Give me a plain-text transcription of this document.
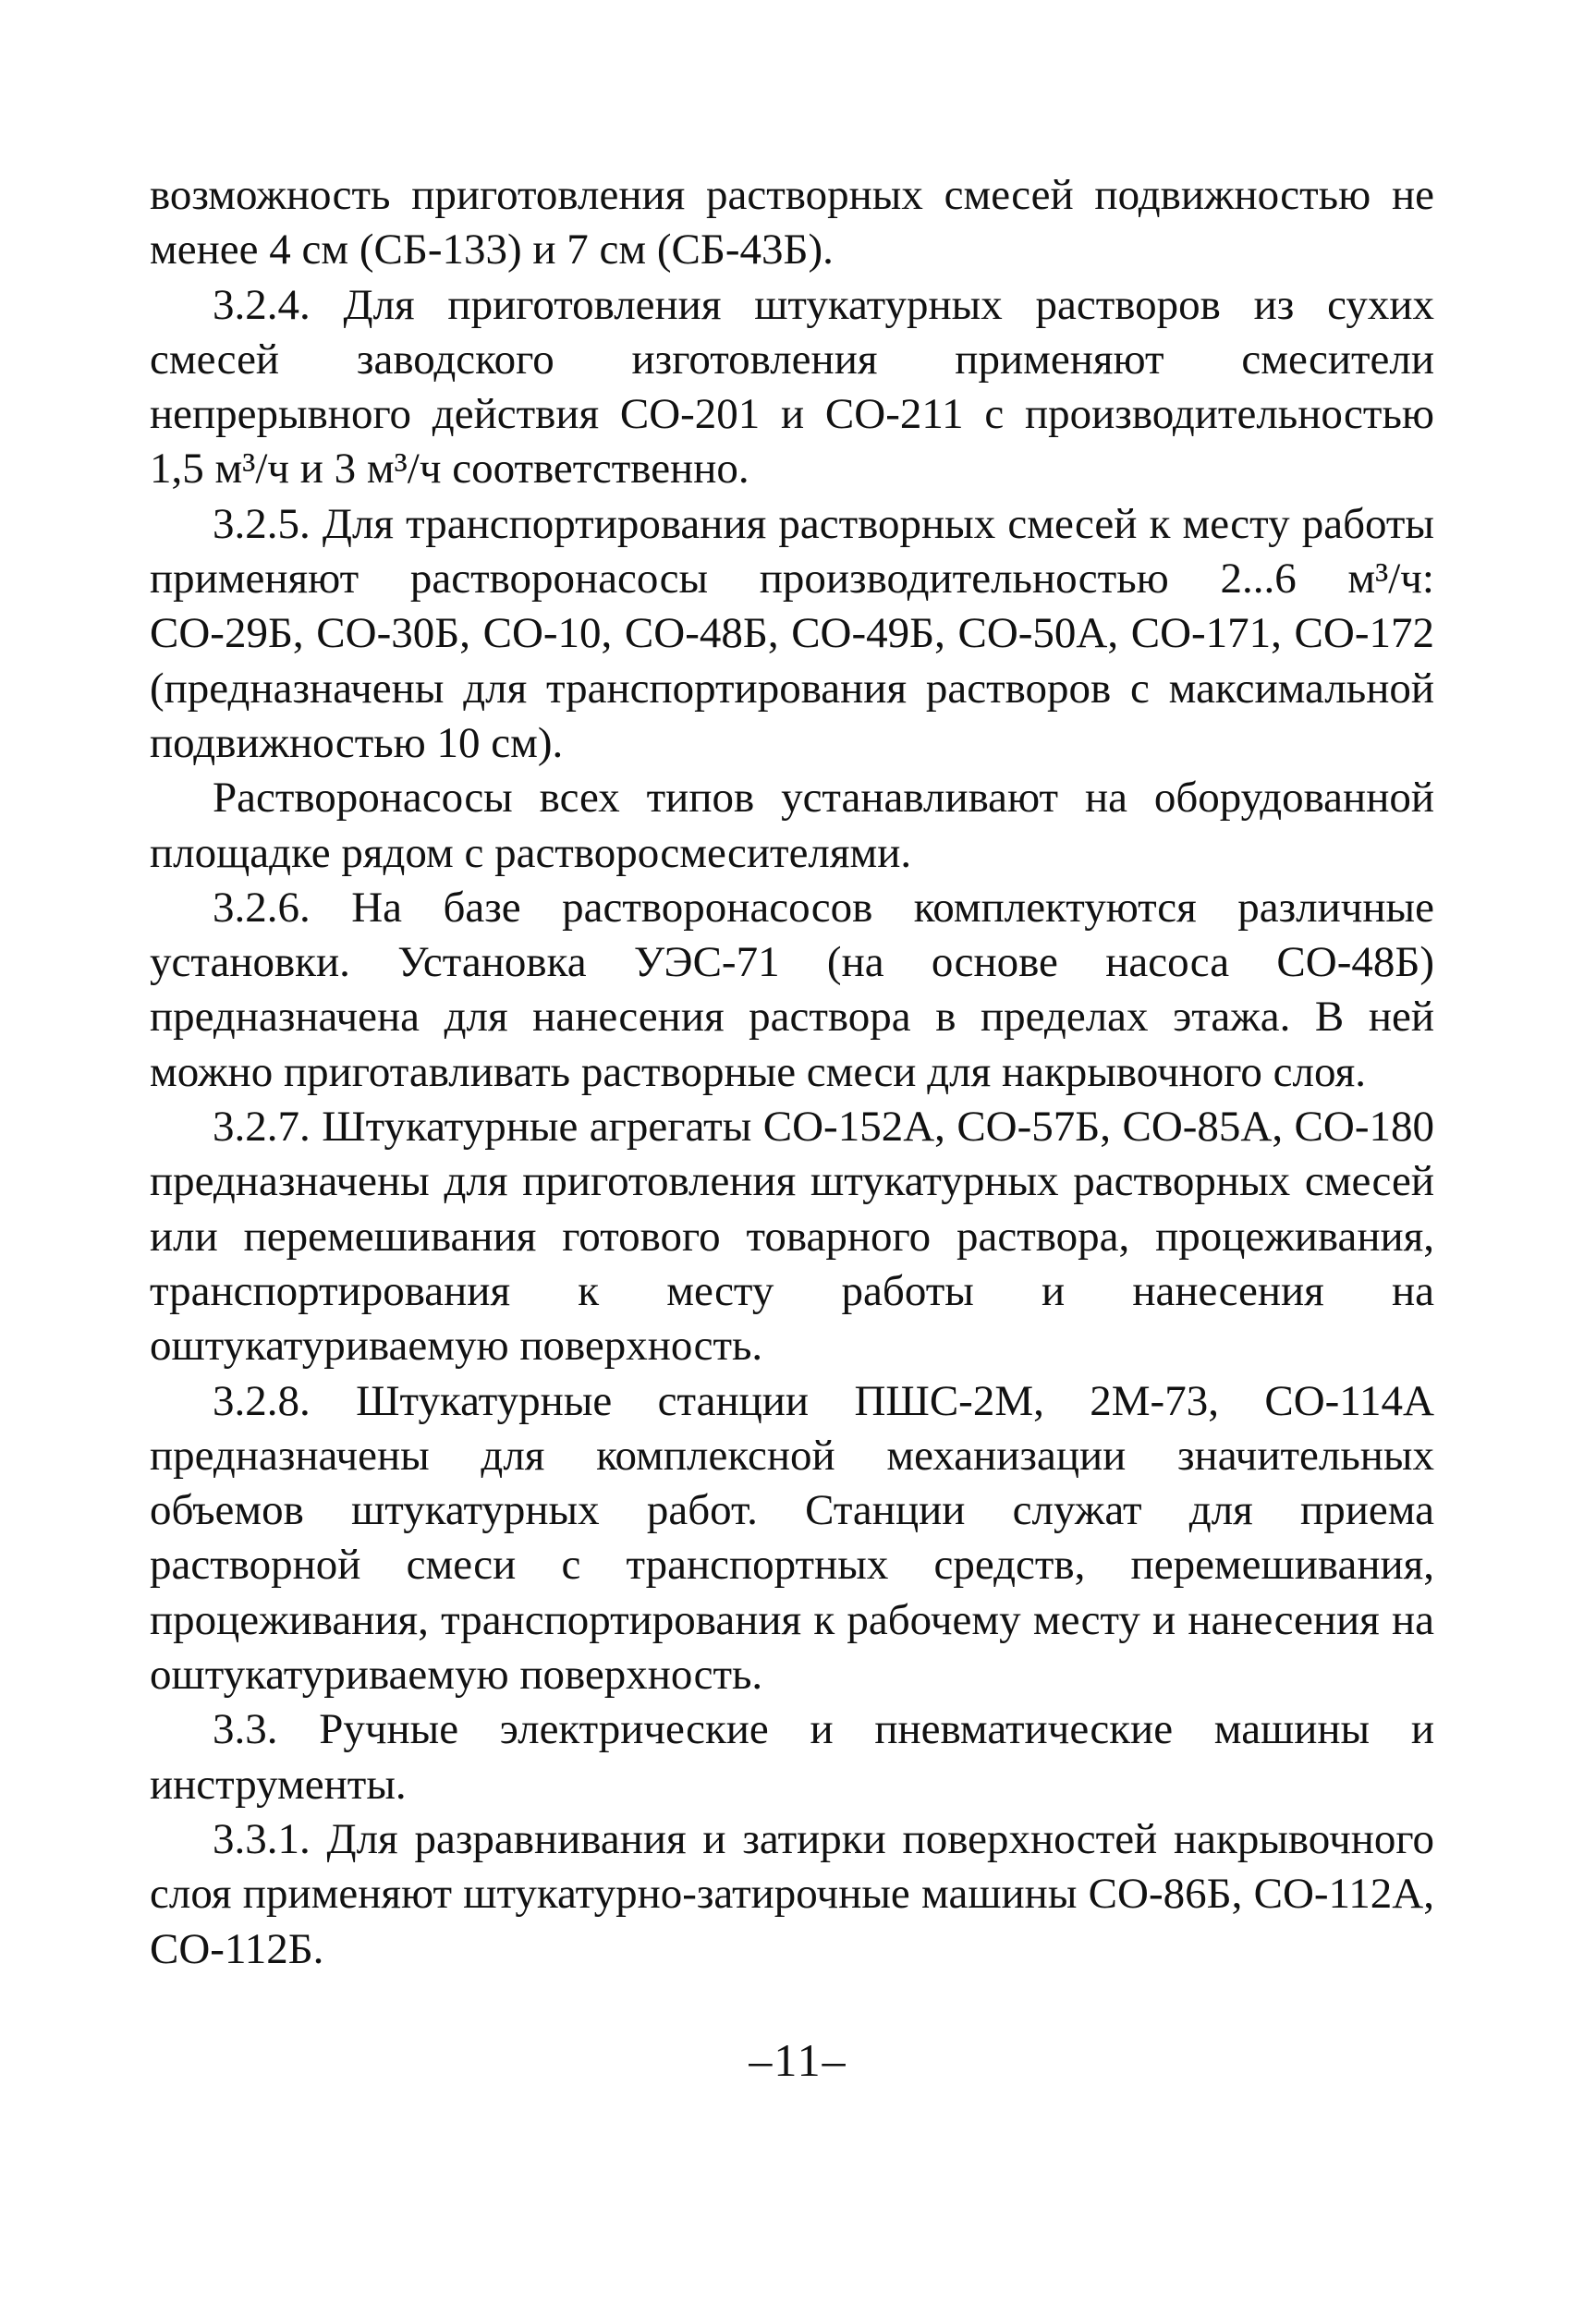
возможность приготовления растворных смесей подвижностью не менее 4 см (СБ-133) и 7 см (СБ-43Б).

3.2.4. Для приготовления штукатурных растворов из сухих смесей заводского изготовления применяют смесители непрерывного действия СО-201 и СО-211 с производительностью 1,5 м³/ч и 3 м³/ч соответственно.

3.2.5. Для транспортирования растворных смесей к месту работы применяют растворонасосы производительностью 2...6 м³/ч: СО-29Б, СО-30Б, СО-10, СО-48Б, СО-49Б, СО-50А, СО-171, СО-172 (предназначены для транспортирования растворов с максимальной подвижностью 10 см).

Растворонасосы всех типов устанавливают на оборудованной площадке рядом с растворосмесителями.

3.2.6. На базе растворонасосов комплектуются различные установки. Установка УЭС-71 (на основе насоса СО-48Б) предназначена для нанесения раствора в пределах этажа. В ней можно приготавливать растворные смеси для накрывочного слоя.

3.2.7. Штукатурные агрегаты СО-152А, СО-57Б, СО-85А, СО-180 предназначены для приготовления штукатурных растворных смесей или перемешивания готового товарного раствора, процеживания, транспортирования к месту работы и нанесения на оштукатуриваемую поверхность.

3.2.8. Штукатурные станции ПШС-2М, 2М-73, СО-114А предназначены для комплексной механизации значительных объемов штукатурных работ. Станции служат для приема растворной смеси с транспортных средств, перемешивания, процеживания, транспортирования к рабочему месту и нанесения на оштукатуриваемую поверхность.

3.3. Ручные электрические и пневматические машины и инструменты.

3.3.1. Для разравнивания и затирки поверхностей накрывочного слоя применяют штукатурно-затирочные машины СО-86Б, СО-112А, СО-112Б.

–11–
